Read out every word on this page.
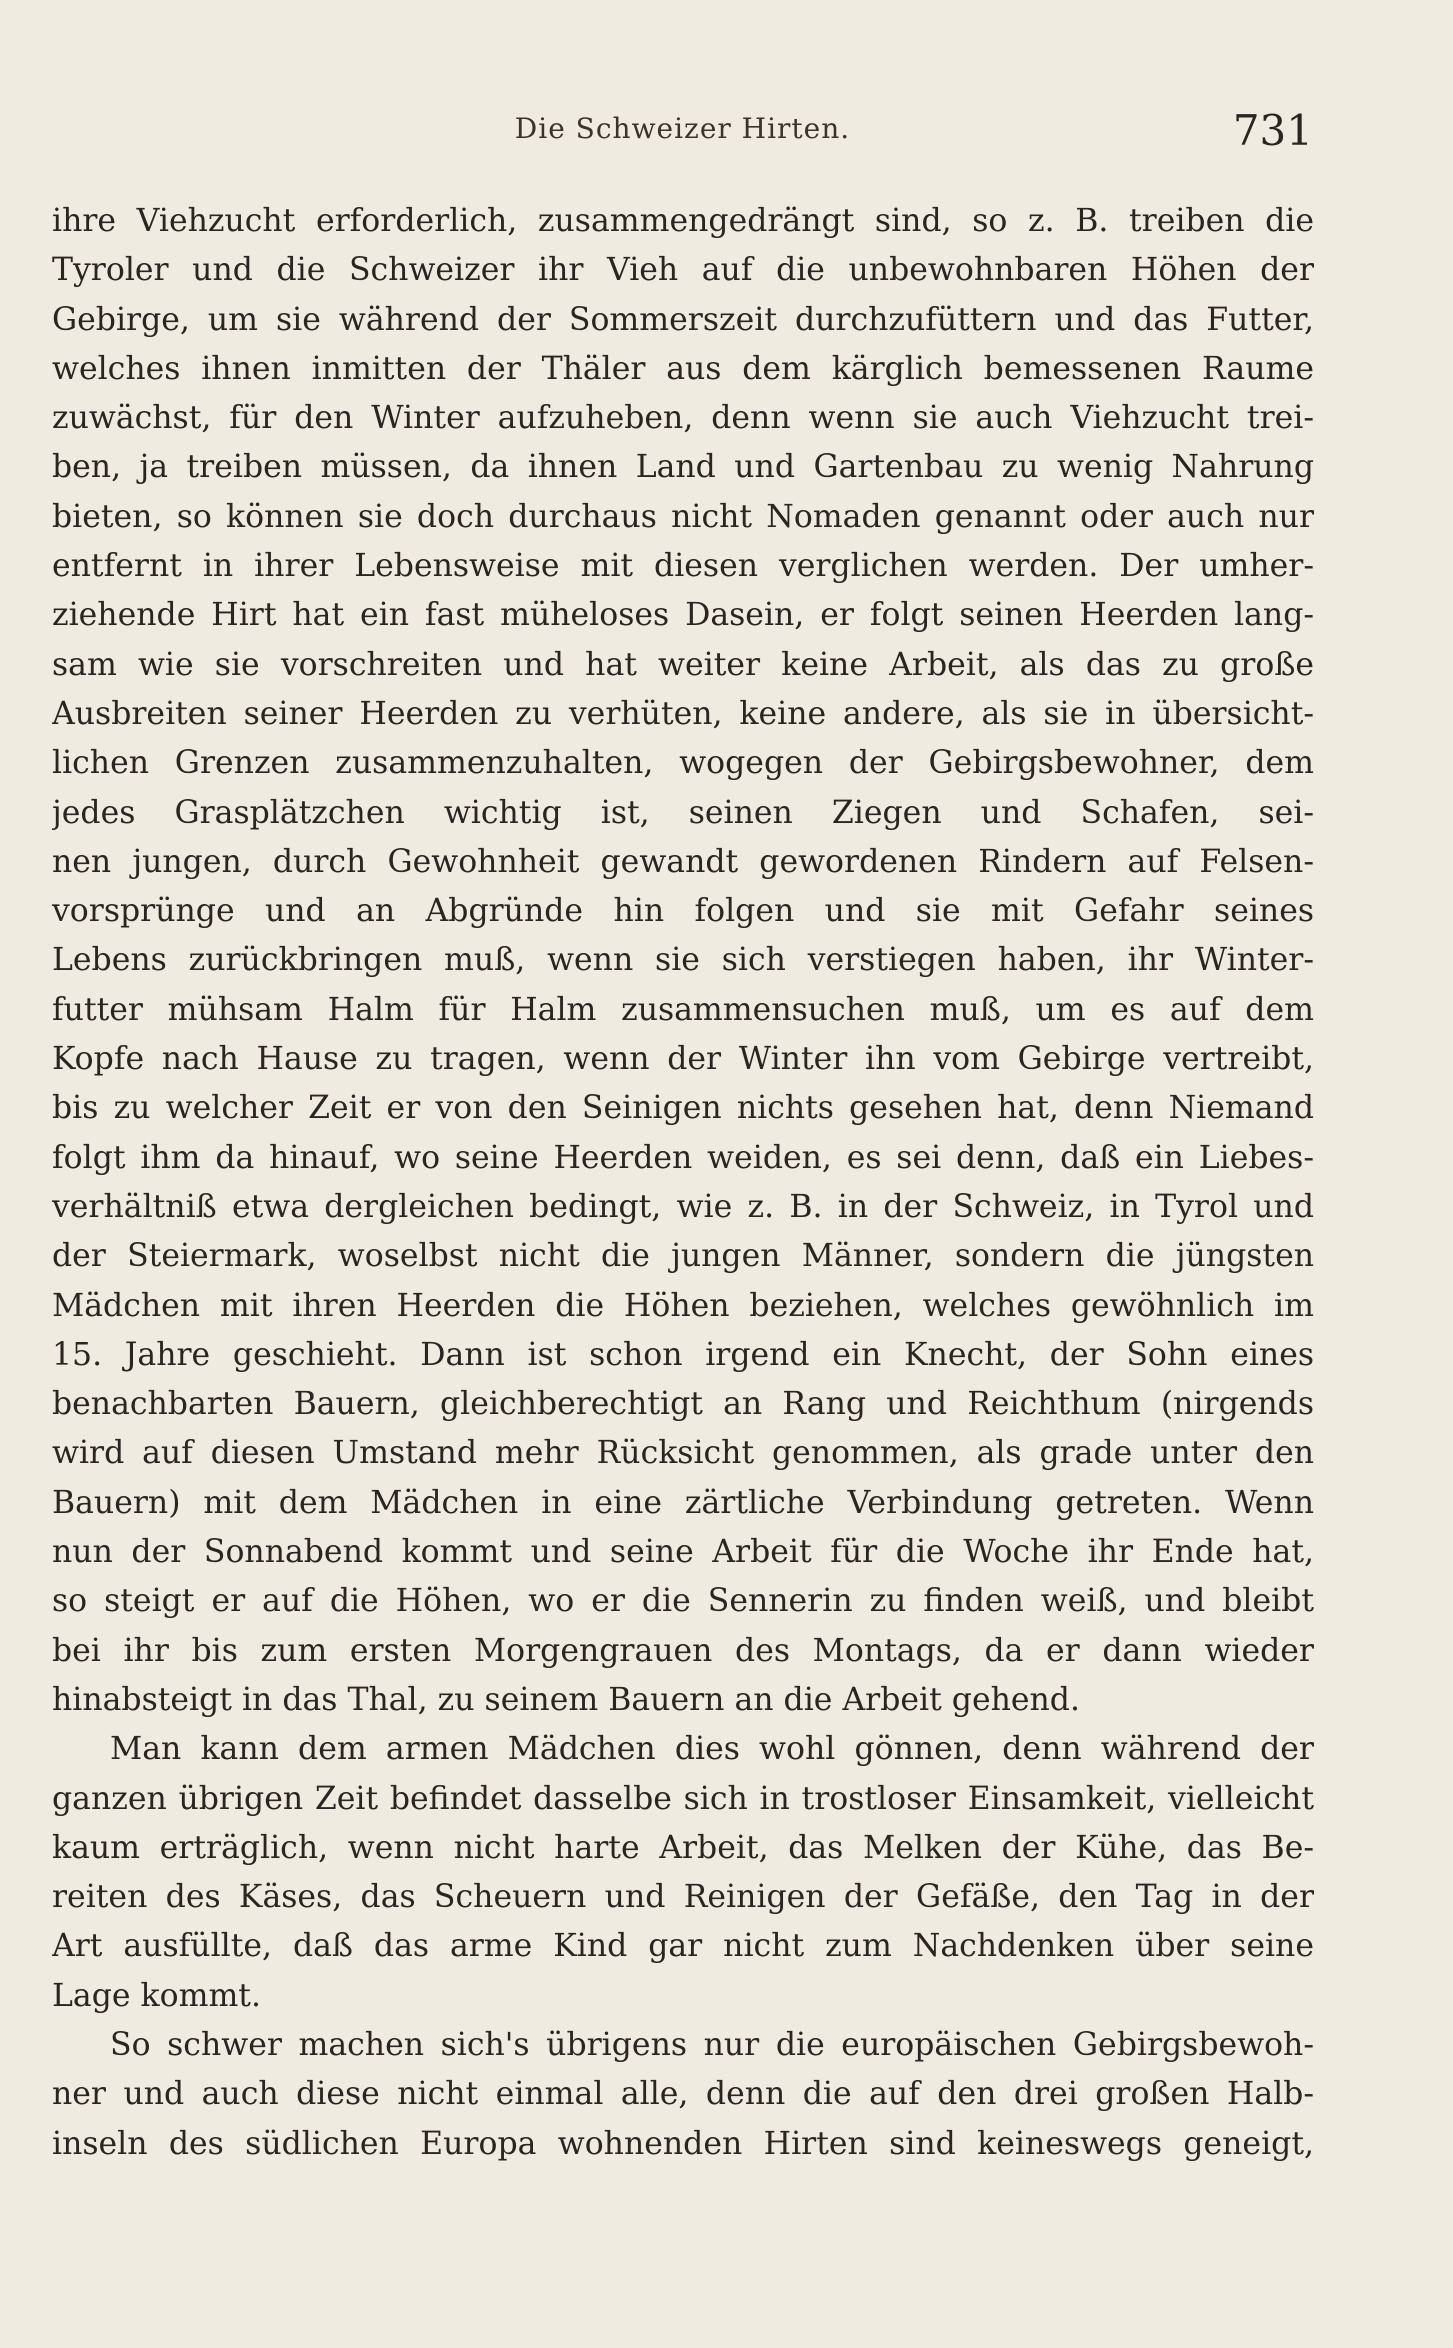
Die Schweizer Hirten.	731
ihre Viehzucht erforderlich, zusammengedrängt sind, so z. B. treiben die
Tyroler und die Schweizer ihr Vieh auf die unbewohnbaren Höhen der
Gebirge, um sie während der Sommerszeit durchzufüttern und das Futter,
welches ihnen inmitten der Thäler aus dem kärglich bemessenen Raume
zuwächst, für den Winter aufzuheben, denn wenn sie auch Viehzucht trei-
ben, ja treiben müssen, da ihnen Land und Gartenbau zu wenig Nahrung
bieten, so können sie doch durchaus nicht Nomaden genannt oder auch nur
entfernt in ihrer Lebensweise mit diesen verglichen werden. Der umher-
ziehende Hirt hat ein fast müheloses Dasein, er folgt seinen Heerden lang-
sam wie sie vorschreiten und hat weiter keine Arbeit, als das zu große
Ausbreiten seiner Heerden zu verhüten, keine andere, als sie in übersicht-
lichen Grenzen zusammenzuhalten, wogegen der Gebirgsbewohner, dem
jedes Grasplätzchen wichtig ist, seinen Ziegen und Schafen, sei-
nen jungen, durch Gewohnheit gewandt gewordenen Rindern auf Felsen-
vorsprünge und an Abgründe hin folgen und sie mit Gefahr seines
Lebens zurückbringen muß, wenn sie sich verstiegen haben, ihr Winter-
futter mühsam Halm für Halm zusammensuchen muß, um es auf dem
Kopfe nach Hause zu tragen, wenn der Winter ihn vom Gebirge vertreibt,
bis zu welcher Zeit er von den Seinigen nichts gesehen hat, denn Niemand
folgt ihm da hinauf, wo seine Heerden weiden, es sei denn, daß ein Liebes-
verhältniß etwa dergleichen bedingt, wie z. B. in der Schweiz, in Tyrol und
der Steiermark, woselbst nicht die jungen Männer, sondern die jüngsten
Mädchen mit ihren Heerden die Höhen beziehen, welches gewöhnlich im
15. Jahre geschieht. Dann ist schon irgend ein Knecht, der Sohn eines
benachbarten Bauern, gleichberechtigt an Rang und Reichthum (nirgends
wird auf diesen Umstand mehr Rücksicht genommen, als grade unter den
Bauern) mit dem Mädchen in eine zärtliche Verbindung getreten. Wenn
nun der Sonnabend kommt und seine Arbeit für die Woche ihr Ende hat,
so steigt er auf die Höhen, wo er die Sennerin zu finden weiß, und bleibt
bei ihr bis zum ersten Morgengrauen des Montags, da er dann wieder
hinabsteigt in das Thal, zu seinem Bauern an die Arbeit gehend.
Man kann dem armen Mädchen dies wohl gönnen, denn während der
ganzen übrigen Zeit befindet dasselbe sich in trostloser Einsamkeit, vielleicht
kaum erträglich, wenn nicht harte Arbeit, das Melken der Kühe, das Be-
reiten des Käses, das Scheuern und Reinigen der Gefäße, den Tag in der
Art ausfüllte, daß das arme Kind gar nicht zum Nachdenken über seine
Lage kommt.
So schwer machen sich's übrigens nur die europäischen Gebirgsbewoh-
ner und auch diese nicht einmal alle, denn die auf den drei großen Halb-
inseln des südlichen Europa wohnenden Hirten sind keineswegs geneigt,
